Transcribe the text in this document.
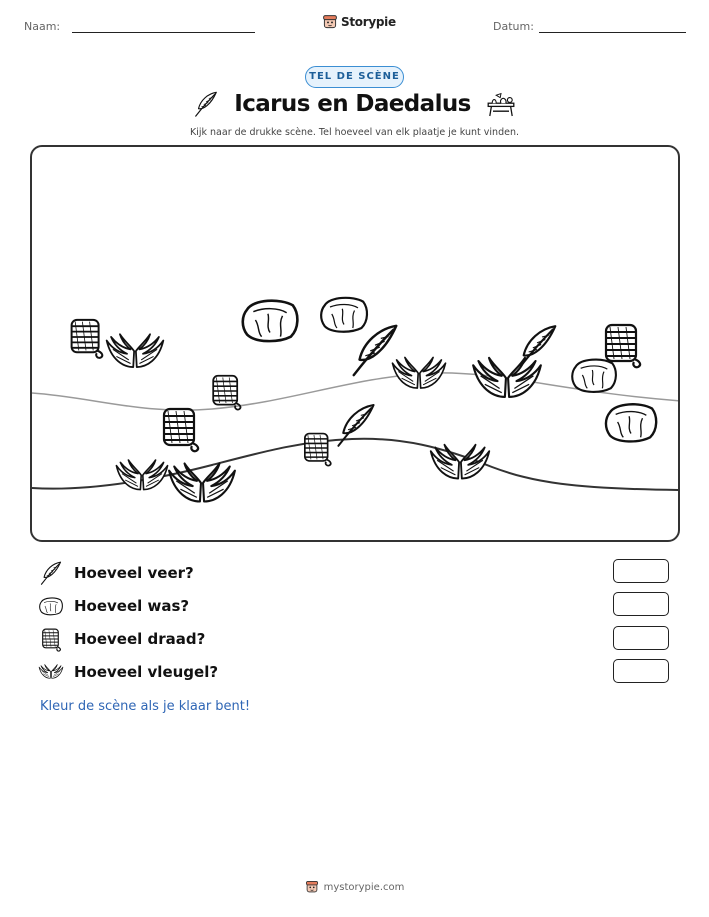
Naam:	Storypie	Datum:
TEL DE SCÈNE
Icarus en Daedalus
Kijk naar de drukke scène. Tel hoeveel van elk plaatje je kunt vinden.
Hoeveel veer?
Hoeveel was?
Hoeveel draad?
Hoeveel vleugel?
Kleur de scène als je klaar bent!
mystorypie.com
